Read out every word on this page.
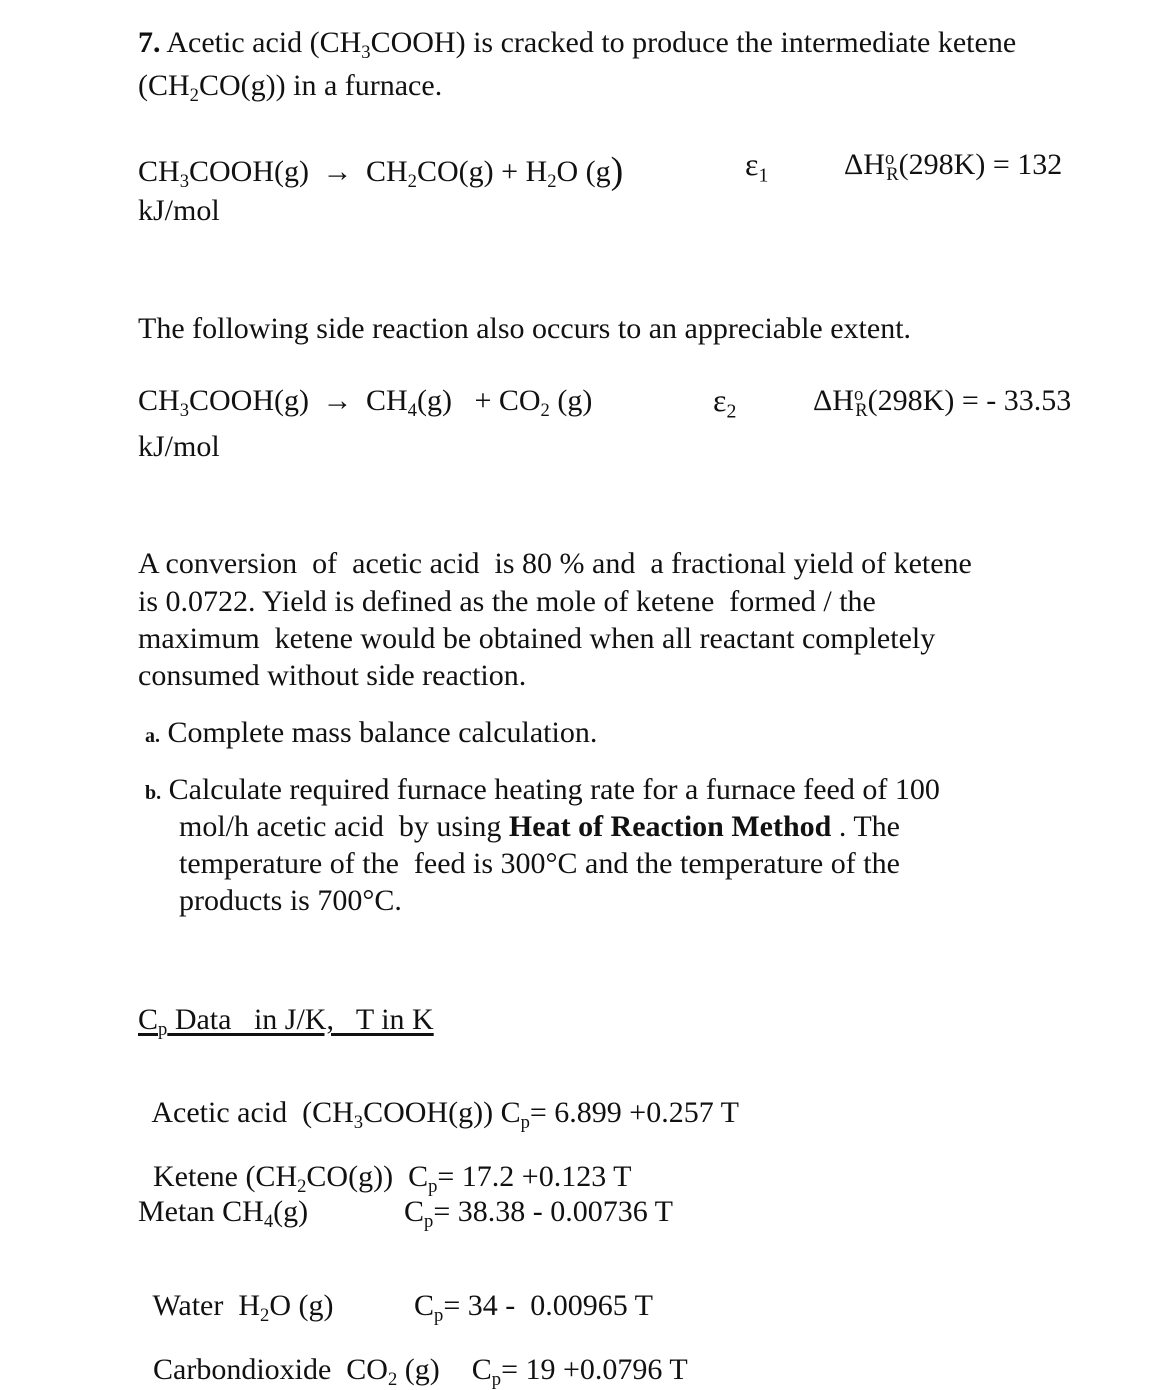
7. Acetic acid $(CH_3COOH)$ is cracked to produce the intermediate ketene
$(CH_2CO(g))$ in a furnace.
$CH_3COOH(g) \to CH_2CO(g) + H_2O$ (g)	$\varepsilon_1$	$\Delta H^o_R(298K) = 132$
kJ/mol
The following side reaction also occurs to an appreciable extent.
$CH_3COOH(g) \to CH_4(g) + CO_2$ (g)	$\varepsilon_2$	$\Delta H^o_R(298K)$ = - 33.53
kJ/mol
A conversion  of  acetic acid  is 80 % and  a fractional yield of ketene
is 0.0722. Yield is defined as the mole of ketene  formed / the
maximum  ketene would be obtained when all reactant completely
consumed without side reaction.
a. Complete mass balance calculation.
b. Calculate required furnace heating rate for a furnace feed of 100
mol/h acetic acid  by using Heat of Reaction Method . The
temperature of the  feed is 300°C and the temperature of the
products is 700°C.
$C_p$ Data   in J/K,   T in K

Acetic acid  $(CH_3COOH(g))$ $C_p= 6.899 +0.257$ T

Ketene $(CH_2CO(g))$  $C_p= 17.2 +0.123$ T

Metan $CH_4(g)$	$C_p= 38.38 - 0.00736$ T

Water  $H_2O$ (g)	$C_p= 34 - 0.00965$ T

Carbondioxide  $CO_2$ (g) $C_p= 19 +0.0796$ T
